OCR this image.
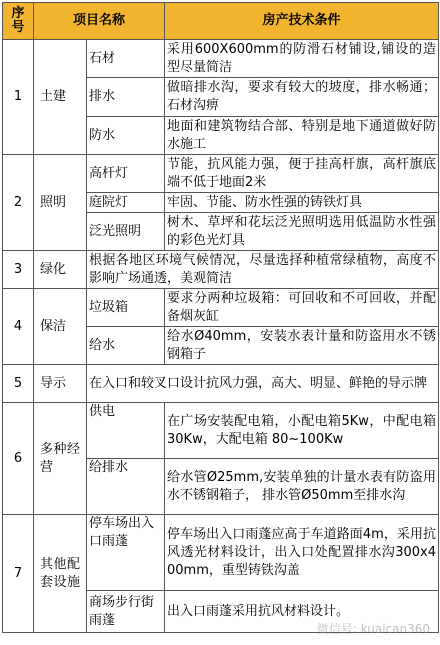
序号	项目名称		房产技术条件
1	土建	石材	采用600X600mm的防滑石材铺设,铺设的造型尽量简洁
		排水	做暗排水沟，要求有较大的坡度，排水畅通；石材沟痹
		防水	地面和建筑物结合部、特别是地下通道做好防水施工
2	照明	高杆灯	节能，抗风能力强，便于挂高杆旗，高杆旗底端不低于地面2米
		庭院灯	牢固、节能、防水性强的铸铁灯具
		泛光照明	树木、草坪和花坛泛光照明选用低温防水性强的彩色光灯具
3	绿化	根据各地区环境气候情况，尽量选择种植常绿植物，高度不影响广场通透，美观简洁	
4	保洁	垃圾箱	要求分两种垃圾箱：可回收和不可回收，并配备烟灰缸
		给水	给水Ø40mm，安装水表计量和防盗用水不锈钢箱子
5	导示	在入口和较叉口设计抗风力强，高大、明显、鲜艳的导示牌	
6	多种经营	供电	在广场安装配电箱，小配电箱5Kw，中配电箱30Kw，大配电箱 80~100Kw
		给排水	给水管Ø25mm,安装单独的计量水表有防盗用水不锈钢箱子， 排水管Ø50mm至排水沟
7	其他配套设施	停车场出入口雨蓬	停车场出入口雨蓬应高于车道路面4m，采用抗风透光材料设计，出入口处配置排水沟300x400mm，重型铸铁沟盖
		商场步行街雨蓬	出入口雨蓬采用抗风材料设计。
微信号: kuaican360
